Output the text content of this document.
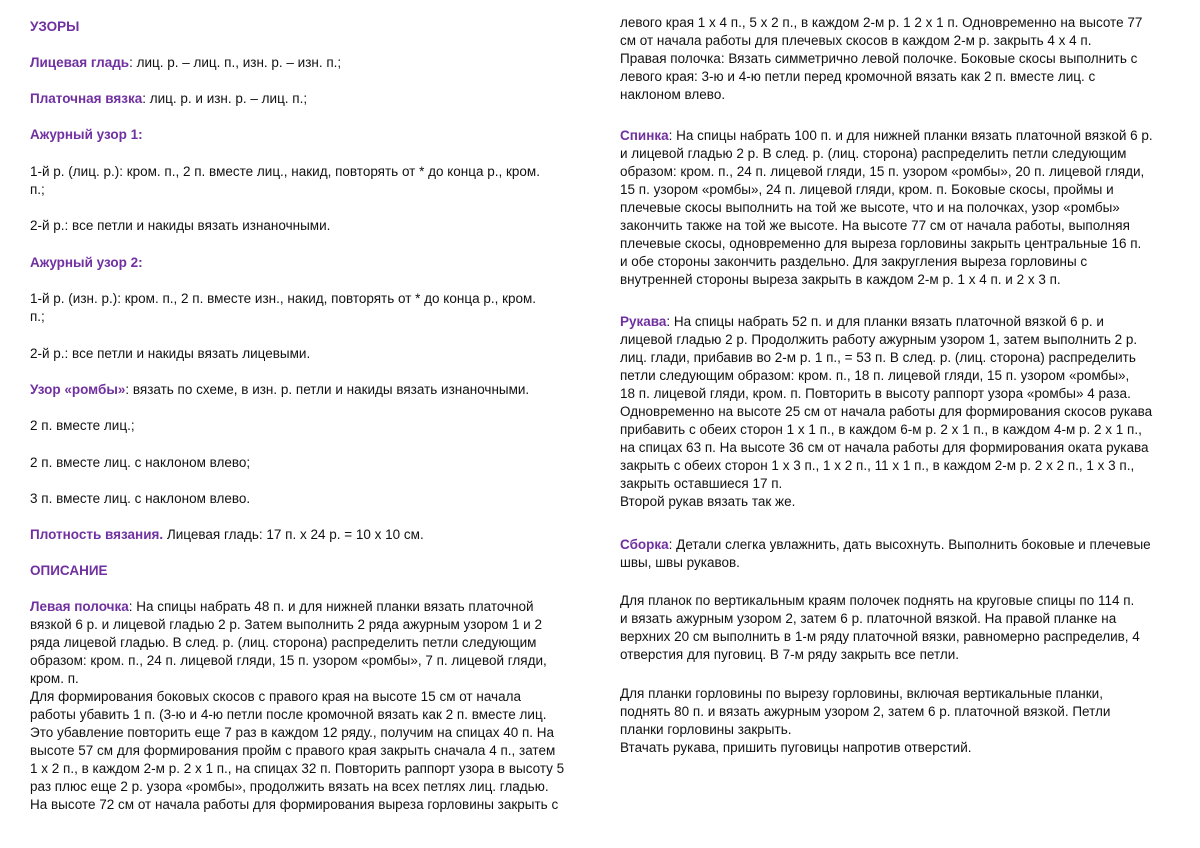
УЗОРЫ
Лицевая гладь: лиц. р. – лиц. п., изн. р. – изн. п.;
Платочная вязка: лиц. р. и изн. р. – лиц. п.;
Ажурный узор 1:
1-й р. (лиц. р.): кром. п., 2 п. вместе лиц., накид, повторять от * до конца р., кром.
п.;
2-й р.: все петли и накиды вязать изнаночными.
Ажурный узор 2:
1-й р. (изн. р.): кром. п., 2 п. вместе изн., накид, повторять от * до конца р., кром.
п.;
2-й р.: все петли и накиды вязать лицевыми.
Узор «ромбы»: вязать по схеме, в изн. р. петли и накиды вязать изнаночными.
2 п. вместе лиц.;
2 п. вместе лиц. с наклоном влево;
3 п. вместе лиц. с наклоном влево.
Плотность вязания. Лицевая гладь: 17 п. х 24 р. = 10 х 10 см.
ОПИСАНИЕ
Левая полочка: На спицы набрать 48 п. и для нижней планки вязать платочной
вязкой 6 р. и лицевой гладью 2 р. Затем выполнить 2 ряда ажурным узором 1 и 2
ряда лицевой гладью. В след. р. (лиц. сторона) распределить петли следующим
образом: кром. п., 24 п. лицевой гляди, 15 п. узором «ромбы», 7 п. лицевой гляди,
кром. п.
Для формирования боковых скосов с правого края на высоте 15 см от начала
работы убавить 1 п. (3-ю и 4-ю петли после кромочной вязать как 2 п. вместе лиц.
Это убавление повторить еще 7 раз в каждом 12 ряду., получим на спицах 40 п. На
высоте 57 см для формирования пройм с правого края закрыть сначала 4 п., затем
1 х 2 п., в каждом 2-м р. 2 х 1 п., на спицах 32 п. Повторить раппорт узора в высоту 5
раз плюс еще 2 р. узора «ромбы», продолжить вязать на всех петлях лиц. гладью.
На высоте 72 см от начала работы для формирования выреза горловины закрыть с
левого края 1 х 4 п., 5 х 2 п., в каждом 2-м р. 1 2 х 1 п. Одновременно на высоте 77
см от начала работы для плечевых скосов в каждом 2-м р. закрыть 4 х 4 п.
Правая полочка: Вязать симметрично левой полочке. Боковые скосы выполнить с
левого края: 3-ю и 4-ю петли перед кромочной вязать как 2 п. вместе лиц. с
наклоном влево.
Спинка: На спицы набрать 100 п. и для нижней планки вязать платочной вязкой 6 р.
и лицевой гладью 2 р. В след. р. (лиц. сторона) распределить петли следующим
образом: кром. п., 24 п. лицевой гляди, 15 п. узором «ромбы», 20 п. лицевой гляди,
15 п. узором «ромбы», 24 п. лицевой гляди, кром. п. Боковые скосы, проймы и
плечевые скосы выполнить на той же высоте, что и на полочках, узор «ромбы»
закончить также на той же высоте. На высоте 77 см от начала работы, выполняя
плечевые скосы, одновременно для выреза горловины закрыть центральные 16 п.
и обе стороны закончить раздельно. Для закругления выреза горловины с
внутренней стороны выреза закрыть в каждом 2-м р. 1 х 4 п. и 2 х 3 п.
Рукава: На спицы набрать 52 п. и для планки вязать платочной вязкой 6 р. и
лицевой гладью 2 р. Продолжить работу ажурным узором 1, затем выполнить 2 р.
лиц. глади, прибавив во 2-м р. 1 п., = 53 п. В след. р. (лиц. сторона) распределить
петли следующим образом: кром. п., 18 п. лицевой гляди, 15 п. узором «ромбы»,
18 п. лицевой гляди, кром. п. Повторить в высоту раппорт узора «ромбы» 4 раза.
Одновременно на высоте 25 см от начала работы для формирования скосов рукава
прибавить с обеих сторон 1 х 1 п., в каждом 6-м р. 2 х 1 п., в каждом 4-м р. 2 х 1 п.,
на спицах 63 п. На высоте 36 см от начала работы для формирования оката рукава
закрыть с обеих сторон 1 х 3 п., 1 х 2 п., 11 х 1 п., в каждом 2-м р. 2 х 2 п., 1 х 3 п.,
закрыть оставшиеся 17 п.
Второй рукав вязать так же.
Сборка: Детали слегка увлажнить, дать высохнуть. Выполнить боковые и плечевые
швы, швы рукавов.
Для планок по вертикальным краям полочек поднять на круговые спицы по 114 п.
и вязать ажурным узором 2, затем 6 р. платочной вязкой. На правой планке на
верхних 20 см выполнить в 1-м ряду платочной вязки, равномерно распределив, 4
отверстия для пуговиц. В 7-м ряду закрыть все петли.
Для планки горловины по вырезу горловины, включая вертикальные планки,
поднять 80 п. и вязать ажурным узором 2, затем 6 р. платочной вязкой. Петли
планки горловины закрыть.
Втачать рукава, пришить пуговицы напротив отверстий.
